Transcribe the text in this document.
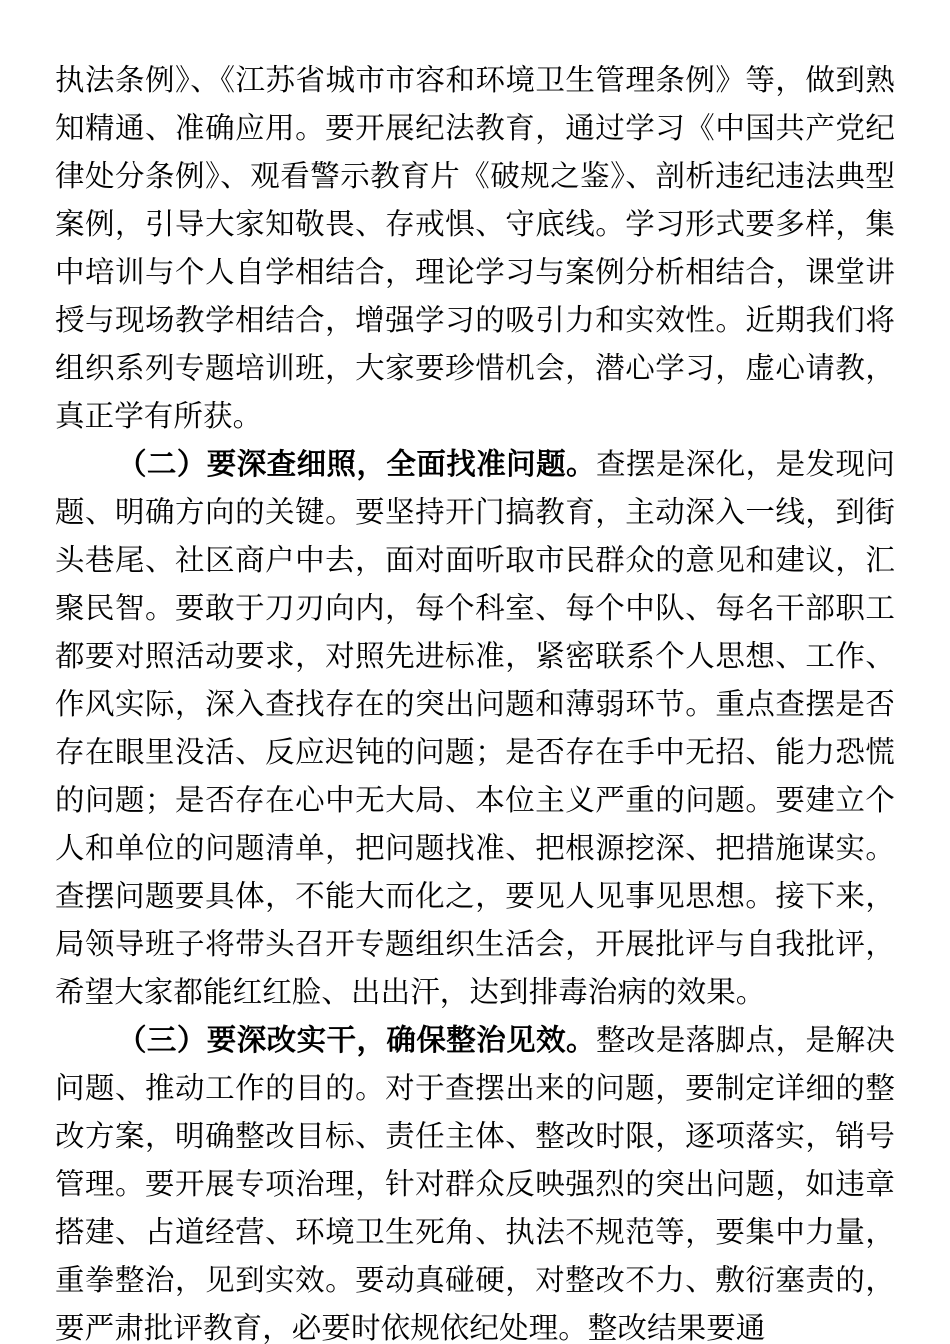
执法条例》、《江苏省城市市容和环境卫生管理条例》等，做到熟知精通、准确应用。要开展纪法教育，通过学习《中国共产党纪律处分条例》、观看警示教育片《破规之鉴》、剖析违纪违法典型案例，引导大家知敬畏、存戒惧、守底线。学习形式要多样，集中培训与个人自学相结合，理论学习与案例分析相结合，课堂讲授与现场教学相结合，增强学习的吸引力和实效性。近期我们将组织系列专题培训班，大家要珍惜机会，潜心学习，虚心请教，真正学有所获。

（二）要深查细照，全面找准问题。查摆是深化，是发现问题、明确方向的关键。要坚持开门搞教育，主动深入一线，到街头巷尾、社区商户中去，面对面听取市民群众的意见和建议，汇聚民智。要敢于刀刃向内，每个科室、每个中队、每名干部职工都要对照活动要求，对照先进标准，紧密联系个人思想、工作、作风实际，深入查找存在的突出问题和薄弱环节。重点查摆是否存在眼里没活、反应迟钝的问题；是否存在手中无招、能力恐慌的问题；是否存在心中无大局、本位主义严重的问题。要建立个人和单位的问题清单，把问题找准、把根源挖深、把措施谋实。查摆问题要具体，不能大而化之，要见人见事见思想。接下来，局领导班子将带头召开专题组织生活会，开展批评与自我批评，希望大家都能红红脸、出出汗，达到排毒治病的效果。

（三）要深改实干，确保整治见效。整改是落脚点，是解决问题、推动工作的目的。对于查摆出来的问题，要制定详细的整改方案，明确整改目标、责任主体、整改时限，逐项落实，销号管理。要开展专项治理，针对群众反映强烈的突出问题，如违章搭建、占道经营、环境卫生死角、执法不规范等，要集中力量，重拳整治，见到实效。要动真碰硬，对整改不力、敷衍塞责的，要严肃批评教育，必要时依规依纪处理。整改结果要通
